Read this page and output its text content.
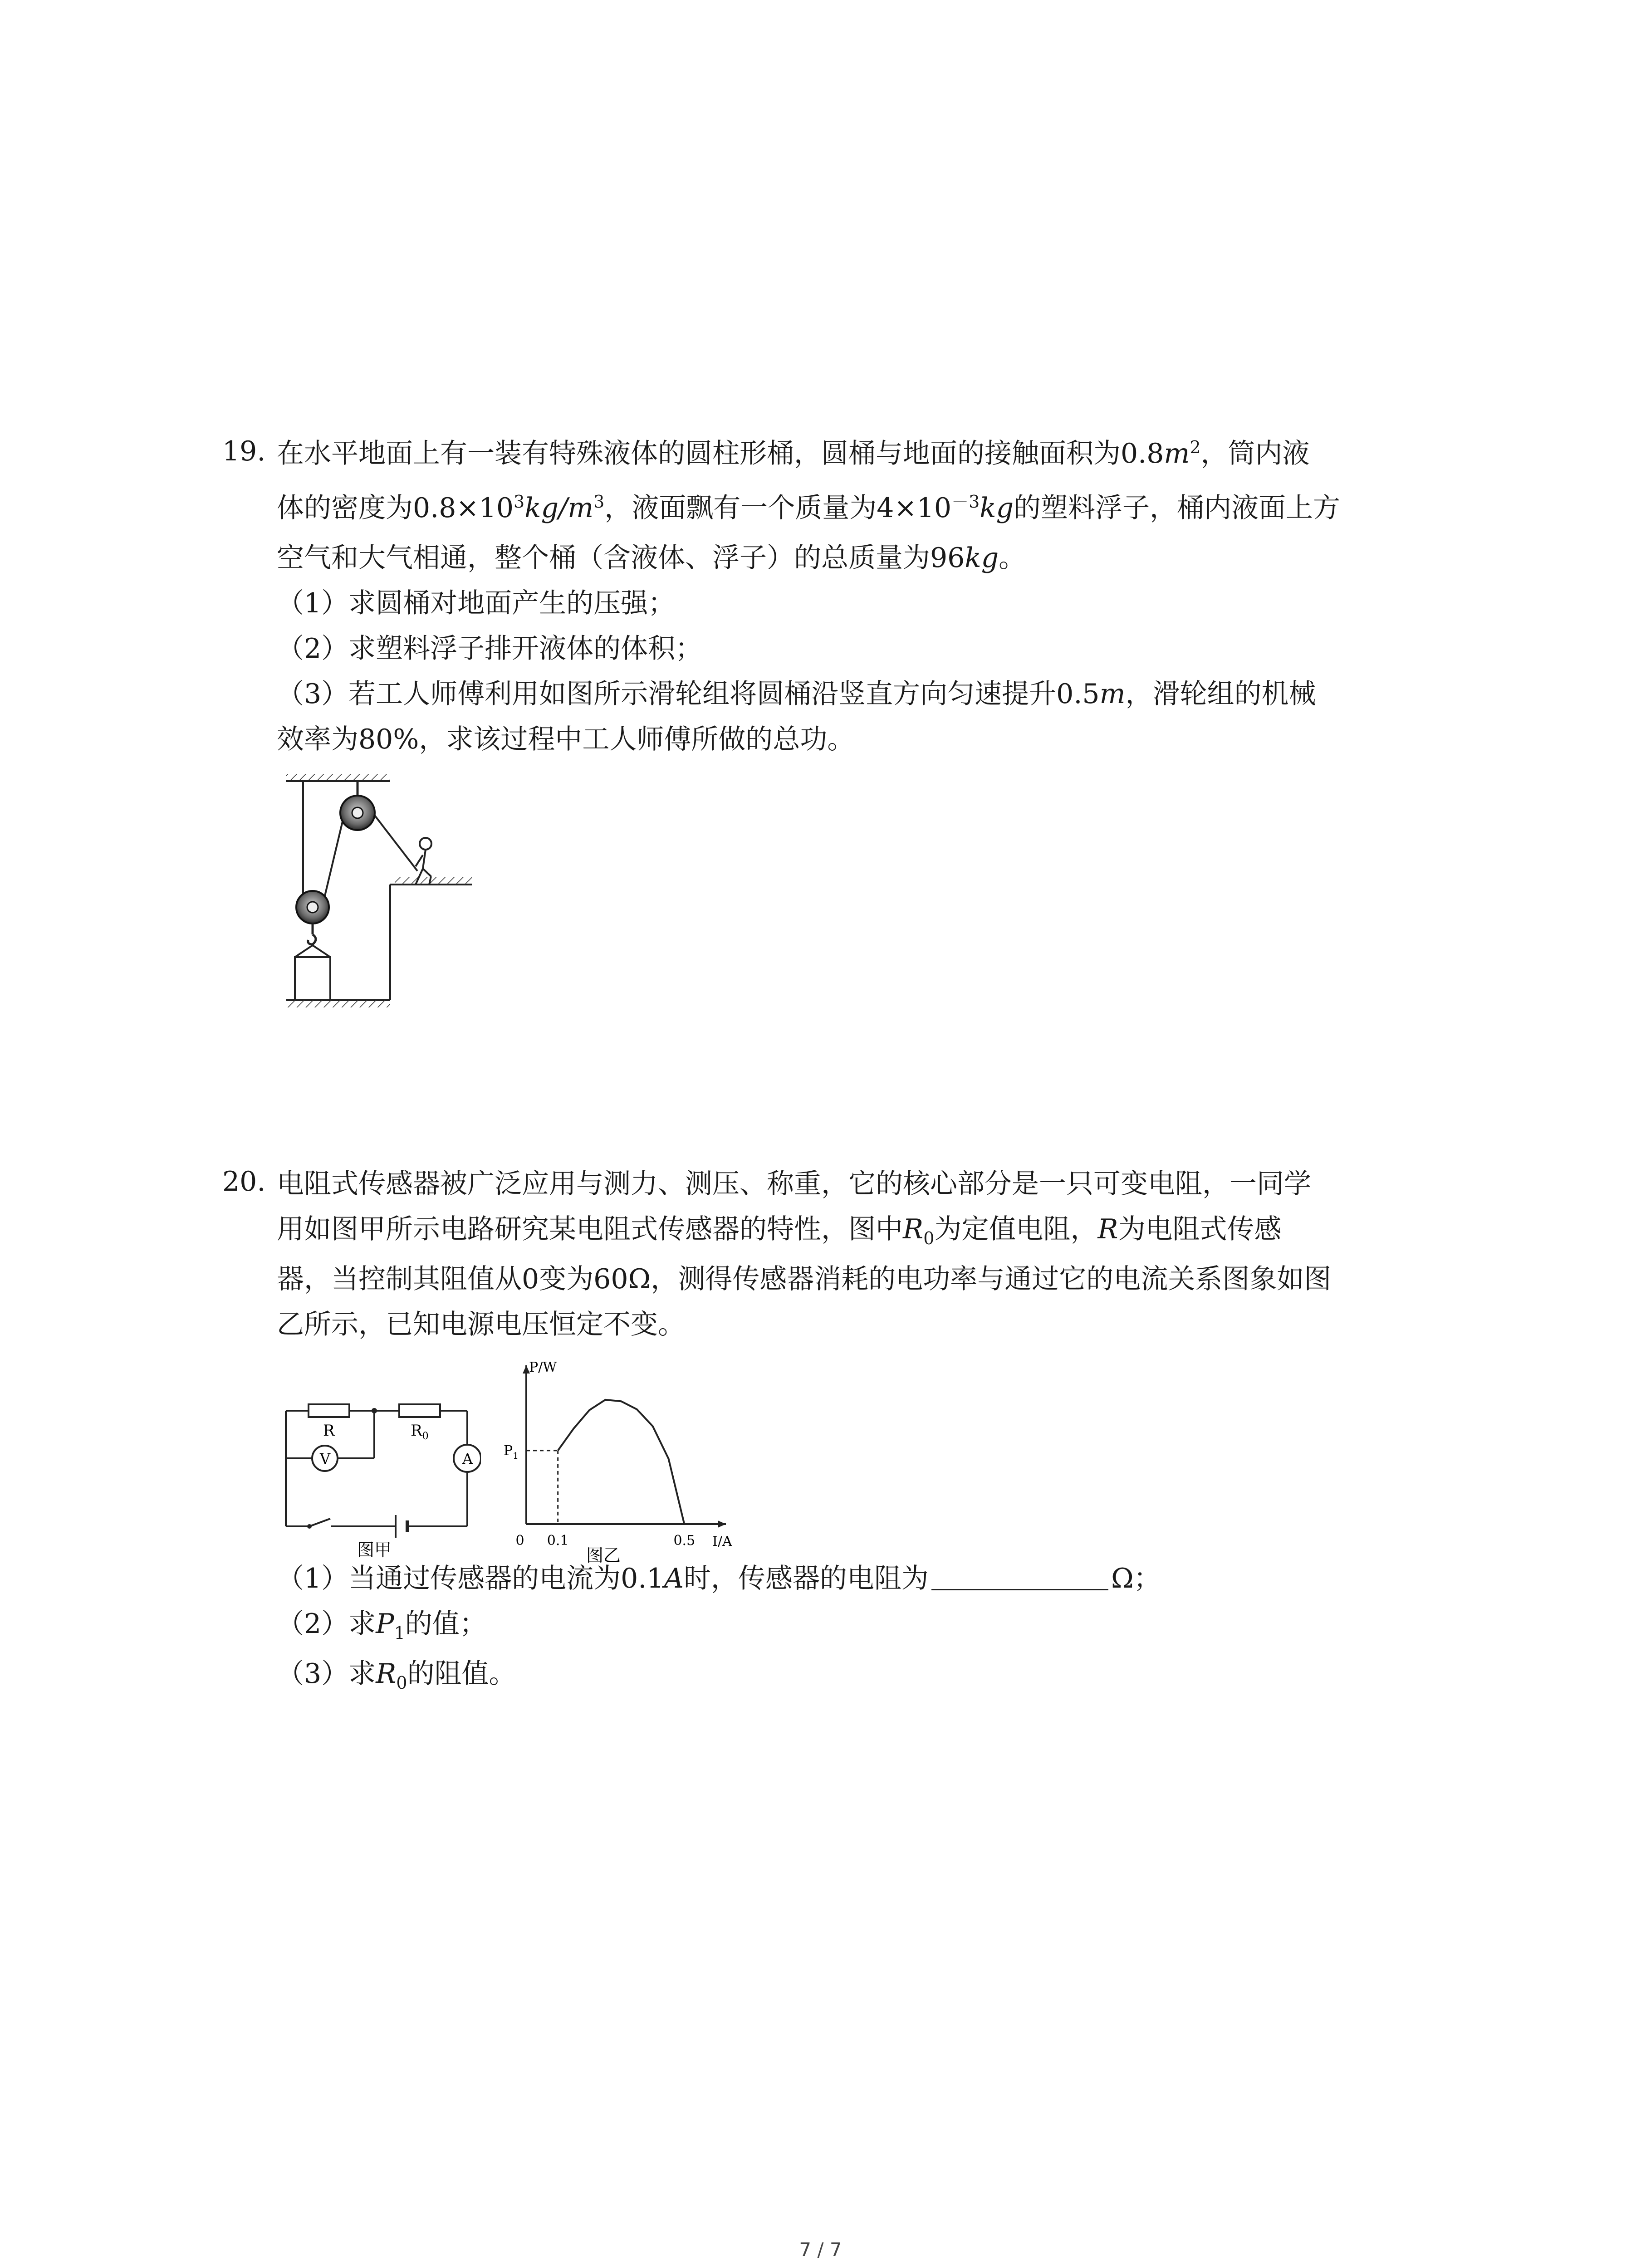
19. 在水平地面上有一装有特殊液体的圆柱形桶，圆桶与地面的接触面积为$0.8m^2$，筒内液
体的密度为$0.8\times 10^3kg/m^3$，液面飘有一个质量为$4\times 10^{-3}kg$的塑料浮子，桶内液面上方
空气和大气相通，整个桶（含液体、浮子）的总质量为96kg。
（1）求圆桶对地面产生的压强；
（2）求塑料浮子排开液体的体积；
（3）若工人师傅利用如图所示滑轮组将圆桶沿竖直方向匀速提升0.5m，滑轮组的机械
效率为80%，求该过程中工人师傅所做的总功。
20. 电阻式传感器被广泛应用与测力、测压、称重，它的核心部分是一只可变电阻，一同学
用如图甲所示电路研究某电阻式传感器的特性，图中$R_0$为定值电阻，R为电阻式传感
器，当控制其阻值从0变为60Ω，测得传感器消耗的电功率与通过它的电流关系图象如图
乙所示，已知电源电压恒定不变。
R	$R_0$
V	A
图甲
P/W
I/A
0 0.1	0.5
$P_1$
图乙
（1）当通过传感器的电流为0.1A时，传感器的电阻为	Ω；
（2）求$P_1$的值；
（3）求$R_0$的阻值。
7 / 7
